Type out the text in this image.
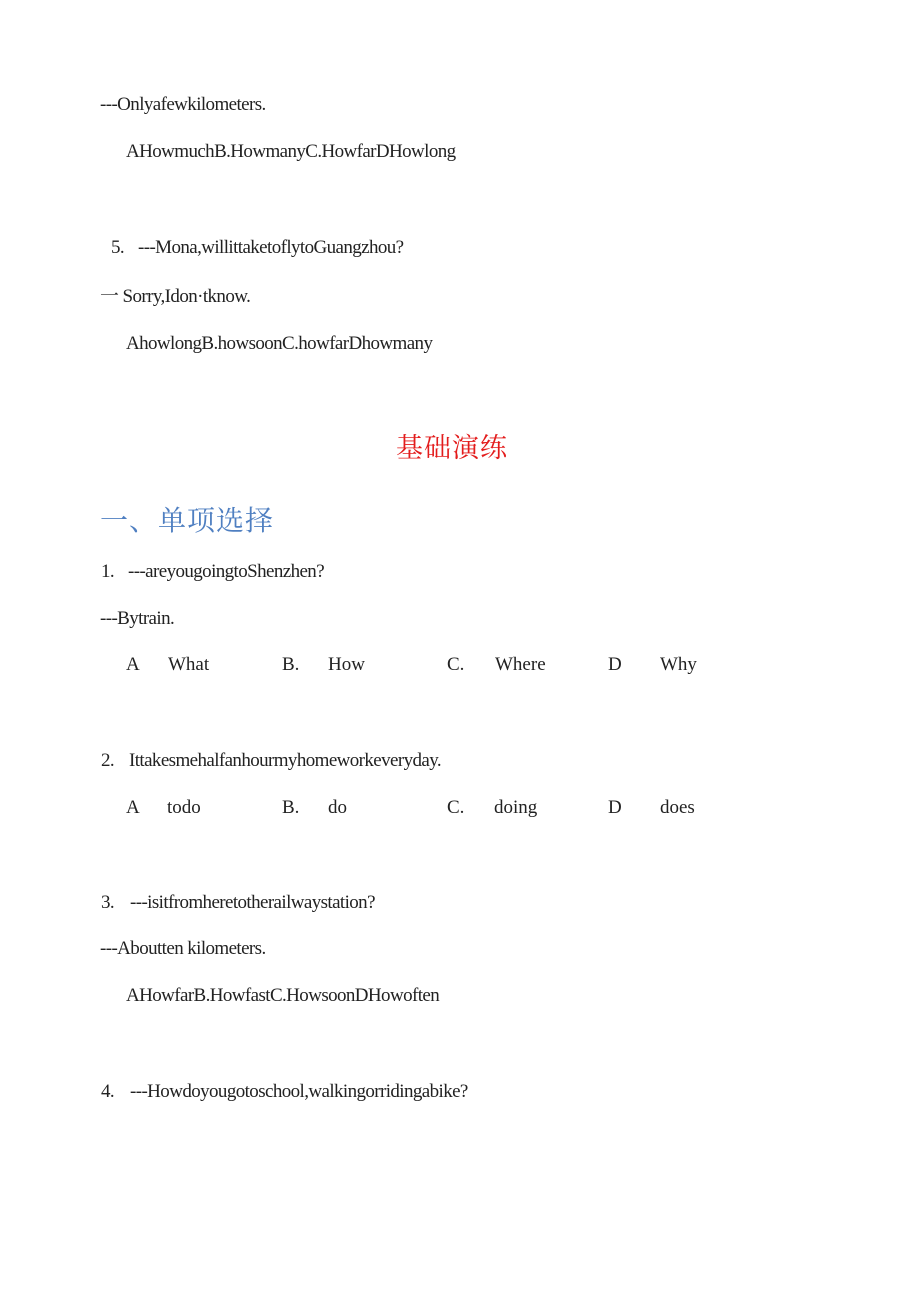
---Onlyafewkilometers.
AHowmuchB.HowmanyC.HowfarDHowlong
5. ---Mona,willittaketoflytoGuangzhou?
一 Sorry,Idon·tknow.
AhowlongB.howsoonC.howfarDhowmany
基础演练
一、单项选择
1. ---areyougoingtoShenzhen?
---Bytrain.
A What	B. How	C. Where	D Why
2. Ittakesmehalfanhourmyhomeworkeveryday.
A todo	B. do	C. doing	D does
3. ---isitfromheretotherailwaystation?
---Aboutten kilometers.
AHowfarB.HowfastC.HowsoonDHowoften
4. ---Howdoyougotoschool,walkingorridingabike?
